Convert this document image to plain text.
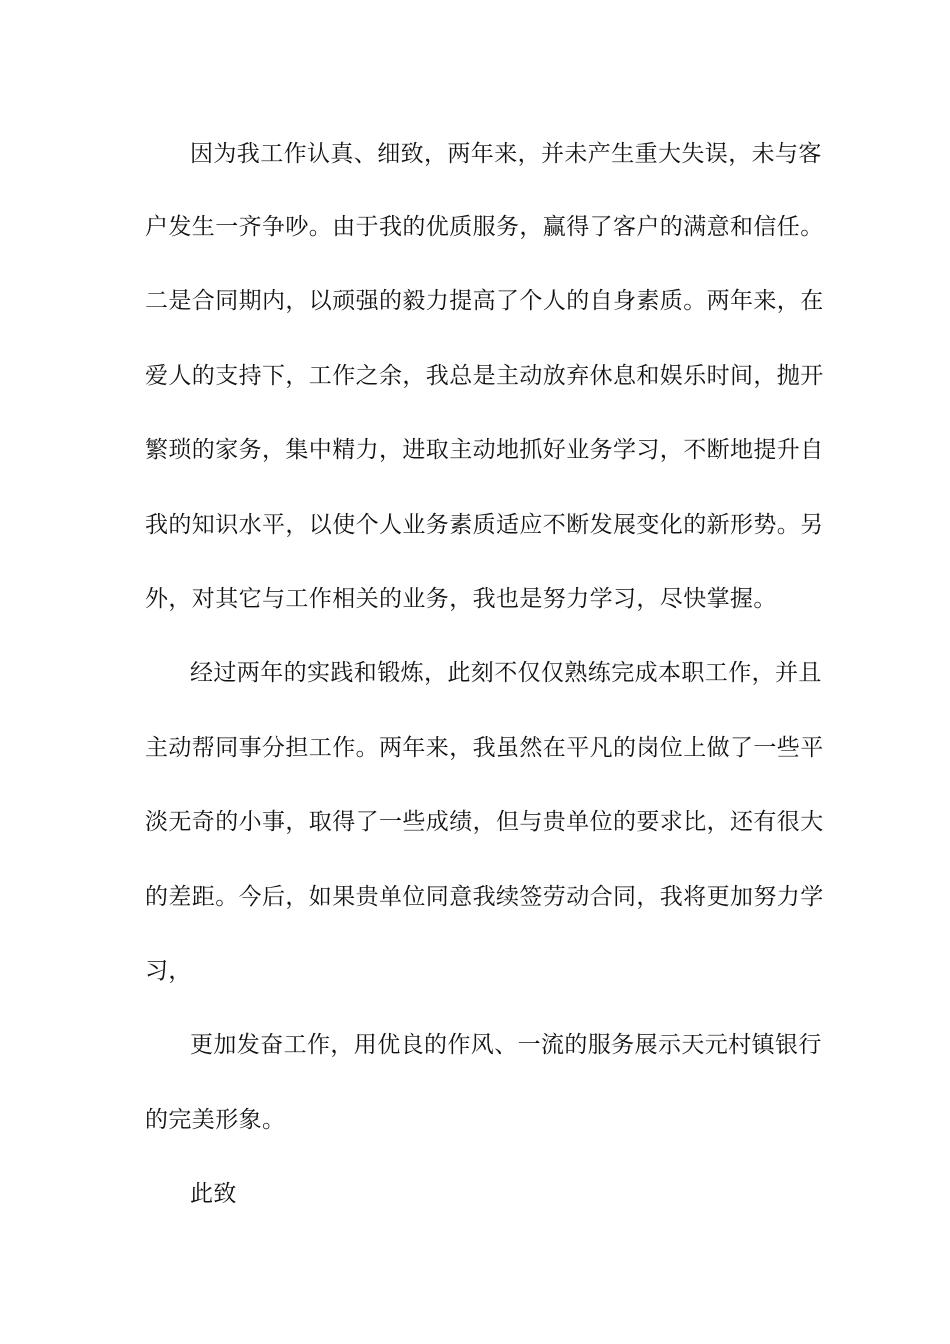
因为我工作认真、细致，两年来，并未产生重大失误，未与客
户发生一齐争吵。由于我的优质服务，赢得了客户的满意和信任。
二是合同期内，以顽强的毅力提高了个人的自身素质。两年来，在
爱人的支持下，工作之余，我总是主动放弃休息和娱乐时间，抛开
繁琐的家务，集中精力，进取主动地抓好业务学习，不断地提升自
我的知识水平，以使个人业务素质适应不断发展变化的新形势。另
外，对其它与工作相关的业务，我也是努力学习，尽快掌握。
经过两年的实践和锻炼，此刻不仅仅熟练完成本职工作，并且
主动帮同事分担工作。两年来，我虽然在平凡的岗位上做了一些平
淡无奇的小事，取得了一些成绩，但与贵单位的要求比，还有很大
的差距。今后，如果贵单位同意我续签劳动合同，我将更加努力学
习，
更加发奋工作，用优良的作风、一流的服务展示天元村镇银行
的完美形象。
此致
